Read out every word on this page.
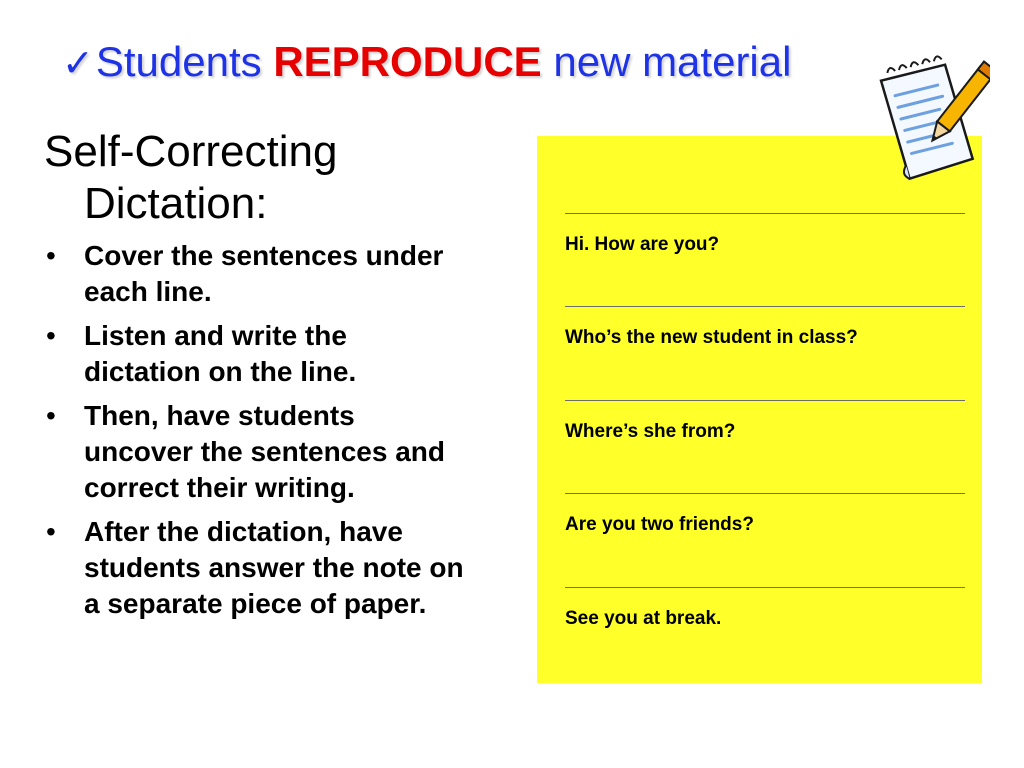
✓Students REPRODUCE new material
Self-Correcting Dictation:
• Cover the sentences under each line.
• Listen and write the dictation on the line.
• Then, have students uncover the sentences and correct their writing.
• After the dictation, have students answer the note on a separate piece of paper.
Hi. How are you?
Who’s the new student in class?
Where’s she from?
Are you two friends?
See you at break.
